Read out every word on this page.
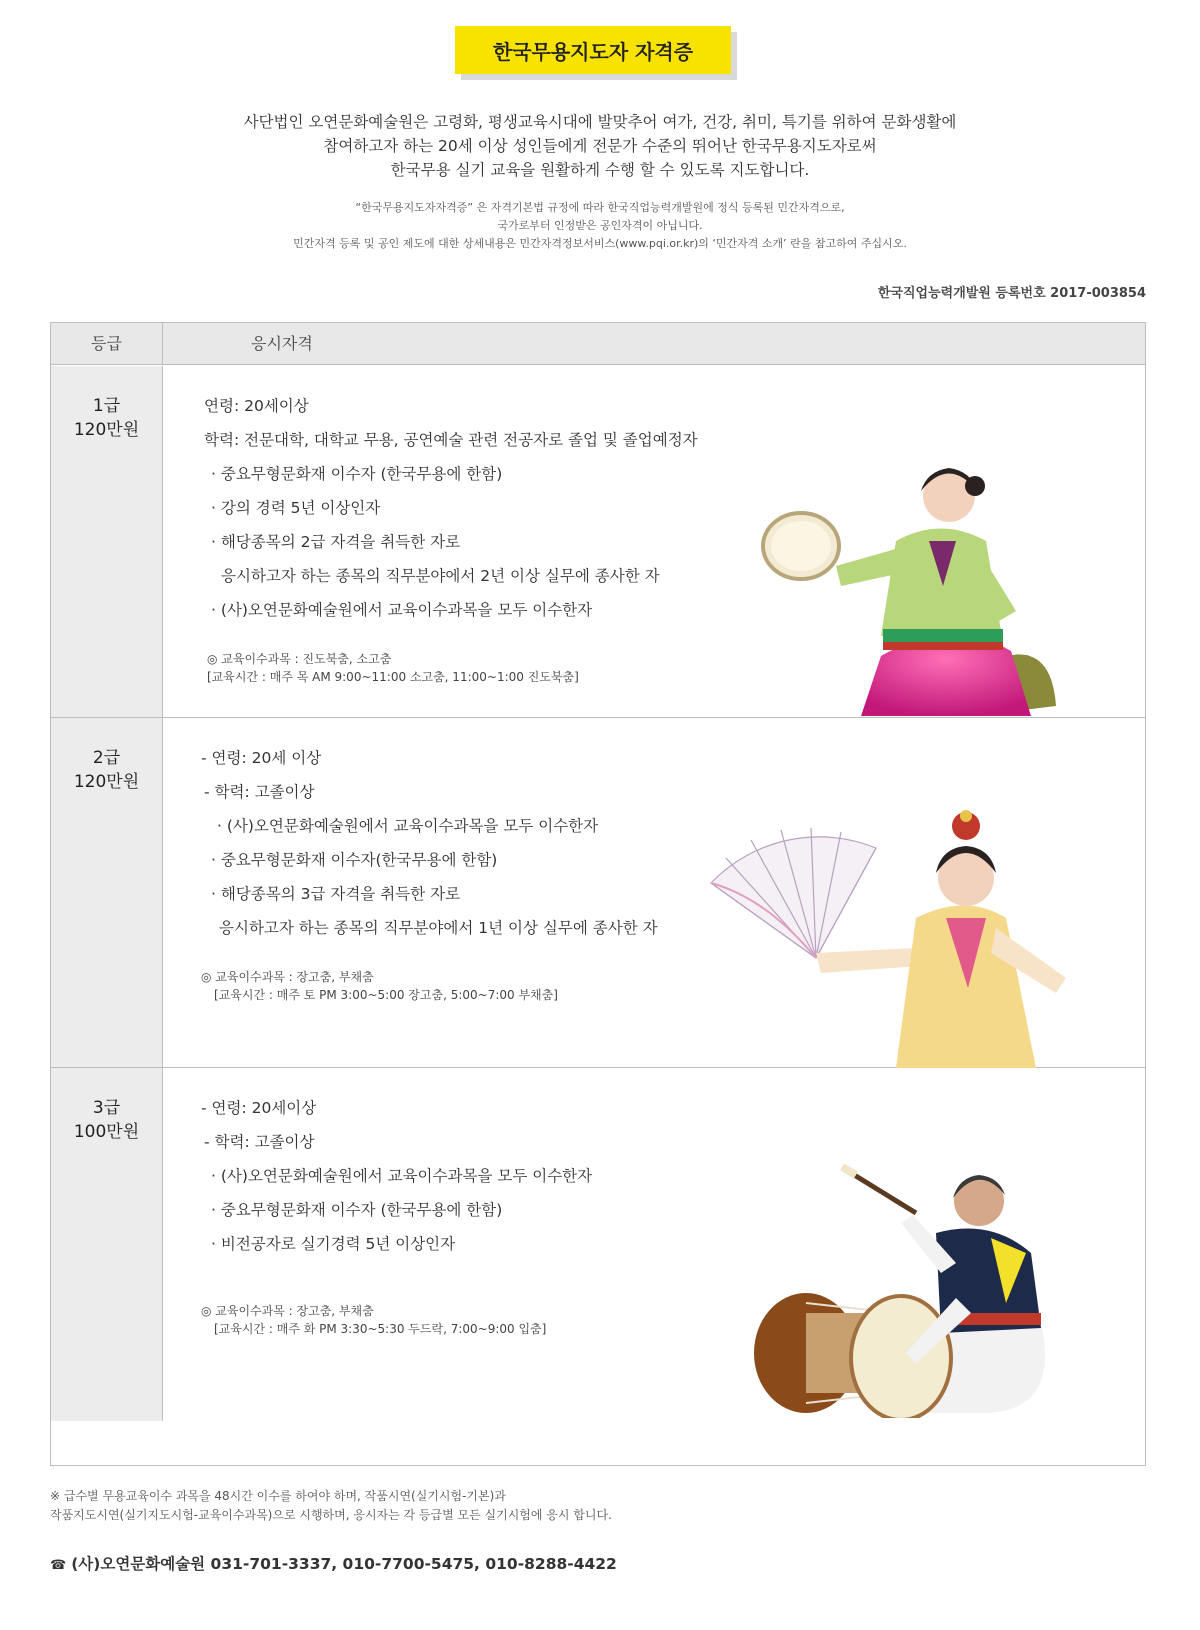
한국무용지도자 자격증
사단법인 오연문화예술원은 고령화, 평생교육시대에 발맞추어 여가, 건강, 취미, 특기를 위하여 문화생활에
참여하고자 하는 20세 이상 성인들에게 전문가 수준의 뛰어난 한국무용지도자로써
한국무용 실기 교육을 원활하게 수행 할 수 있도록 지도합니다.
“한국무용지도자자격증” 은 자격기본법 규정에 따라 한국직업능력개발원에 정식 등록된 민간자격으로,
국가로부터 인정받은 공인자격이 아닙니다.
민간자격 등록 및 공인 제도에 대한 상세내용은 민간자격정보서비스(www.pqi.or.kr)의 ‘민간자격 소개’ 란을 참고하여 주십시오.
한국직업능력개발원 등록번호 2017-003854
등급	응시자격
1급
120만원
연령: 20세이상
학력: 전문대학, 대학교 무용, 공연예술 관련 전공자로 졸업 및 졸업예정자
· 중요무형문화재 이수자 (한국무용에 한함)
· 강의 경력 5년 이상인자
· 해당종목의 2급 자격을 취득한 자로
응시하고자 하는 종목의 직무분야에서 2년 이상 실무에 종사한 자
· (사)오연문화예술원에서 교육이수과목을 모두 이수한자
◎ 교육이수과목 : 진도북춤, 소고춤
[교육시간 : 매주 목 AM 9:00~11:00 소고춤, 11:00~1:00 진도북춤]
2급
120만원
- 연령: 20세 이상
- 학력: 고졸이상
· (사)오연문화예술원에서 교육이수과목을 모두 이수한자
· 중요무형문화재 이수자(한국무용에 한함)
· 해당종목의 3급 자격을 취득한 자로
응시하고자 하는 종목의 직무분야에서 1년 이상 실무에 종사한 자
◎ 교육이수과목 : 장고춤, 부채춤
[교육시간 : 매주 토 PM 3:00~5:00 장고춤, 5:00~7:00 부채춤]
3급
100만원
- 연령: 20세이상
- 학력: 고졸이상
· (사)오연문화예술원에서 교육이수과목을 모두 이수한자
· 중요무형문화재 이수자 (한국무용에 한함)
· 비전공자로 실기경력 5년 이상인자
◎ 교육이수과목 : 장고춤, 부채춤
[교육시간 : 매주 화 PM 3:30~5:30 두드락, 7:00~9:00 입춤]
※ 급수별 무용교육이수 과목을 48시간 이수를 하여야 하며, 작품시연(실기시험-기본)과
작품지도시연(실기지도시험-교육이수과목)으로 시행하며, 응시자는 각 등급별 모든 실기시험에 응시 합니다.
☎ (사)오연문화예술원 031-701-3337, 010-7700-5475, 010-8288-4422
